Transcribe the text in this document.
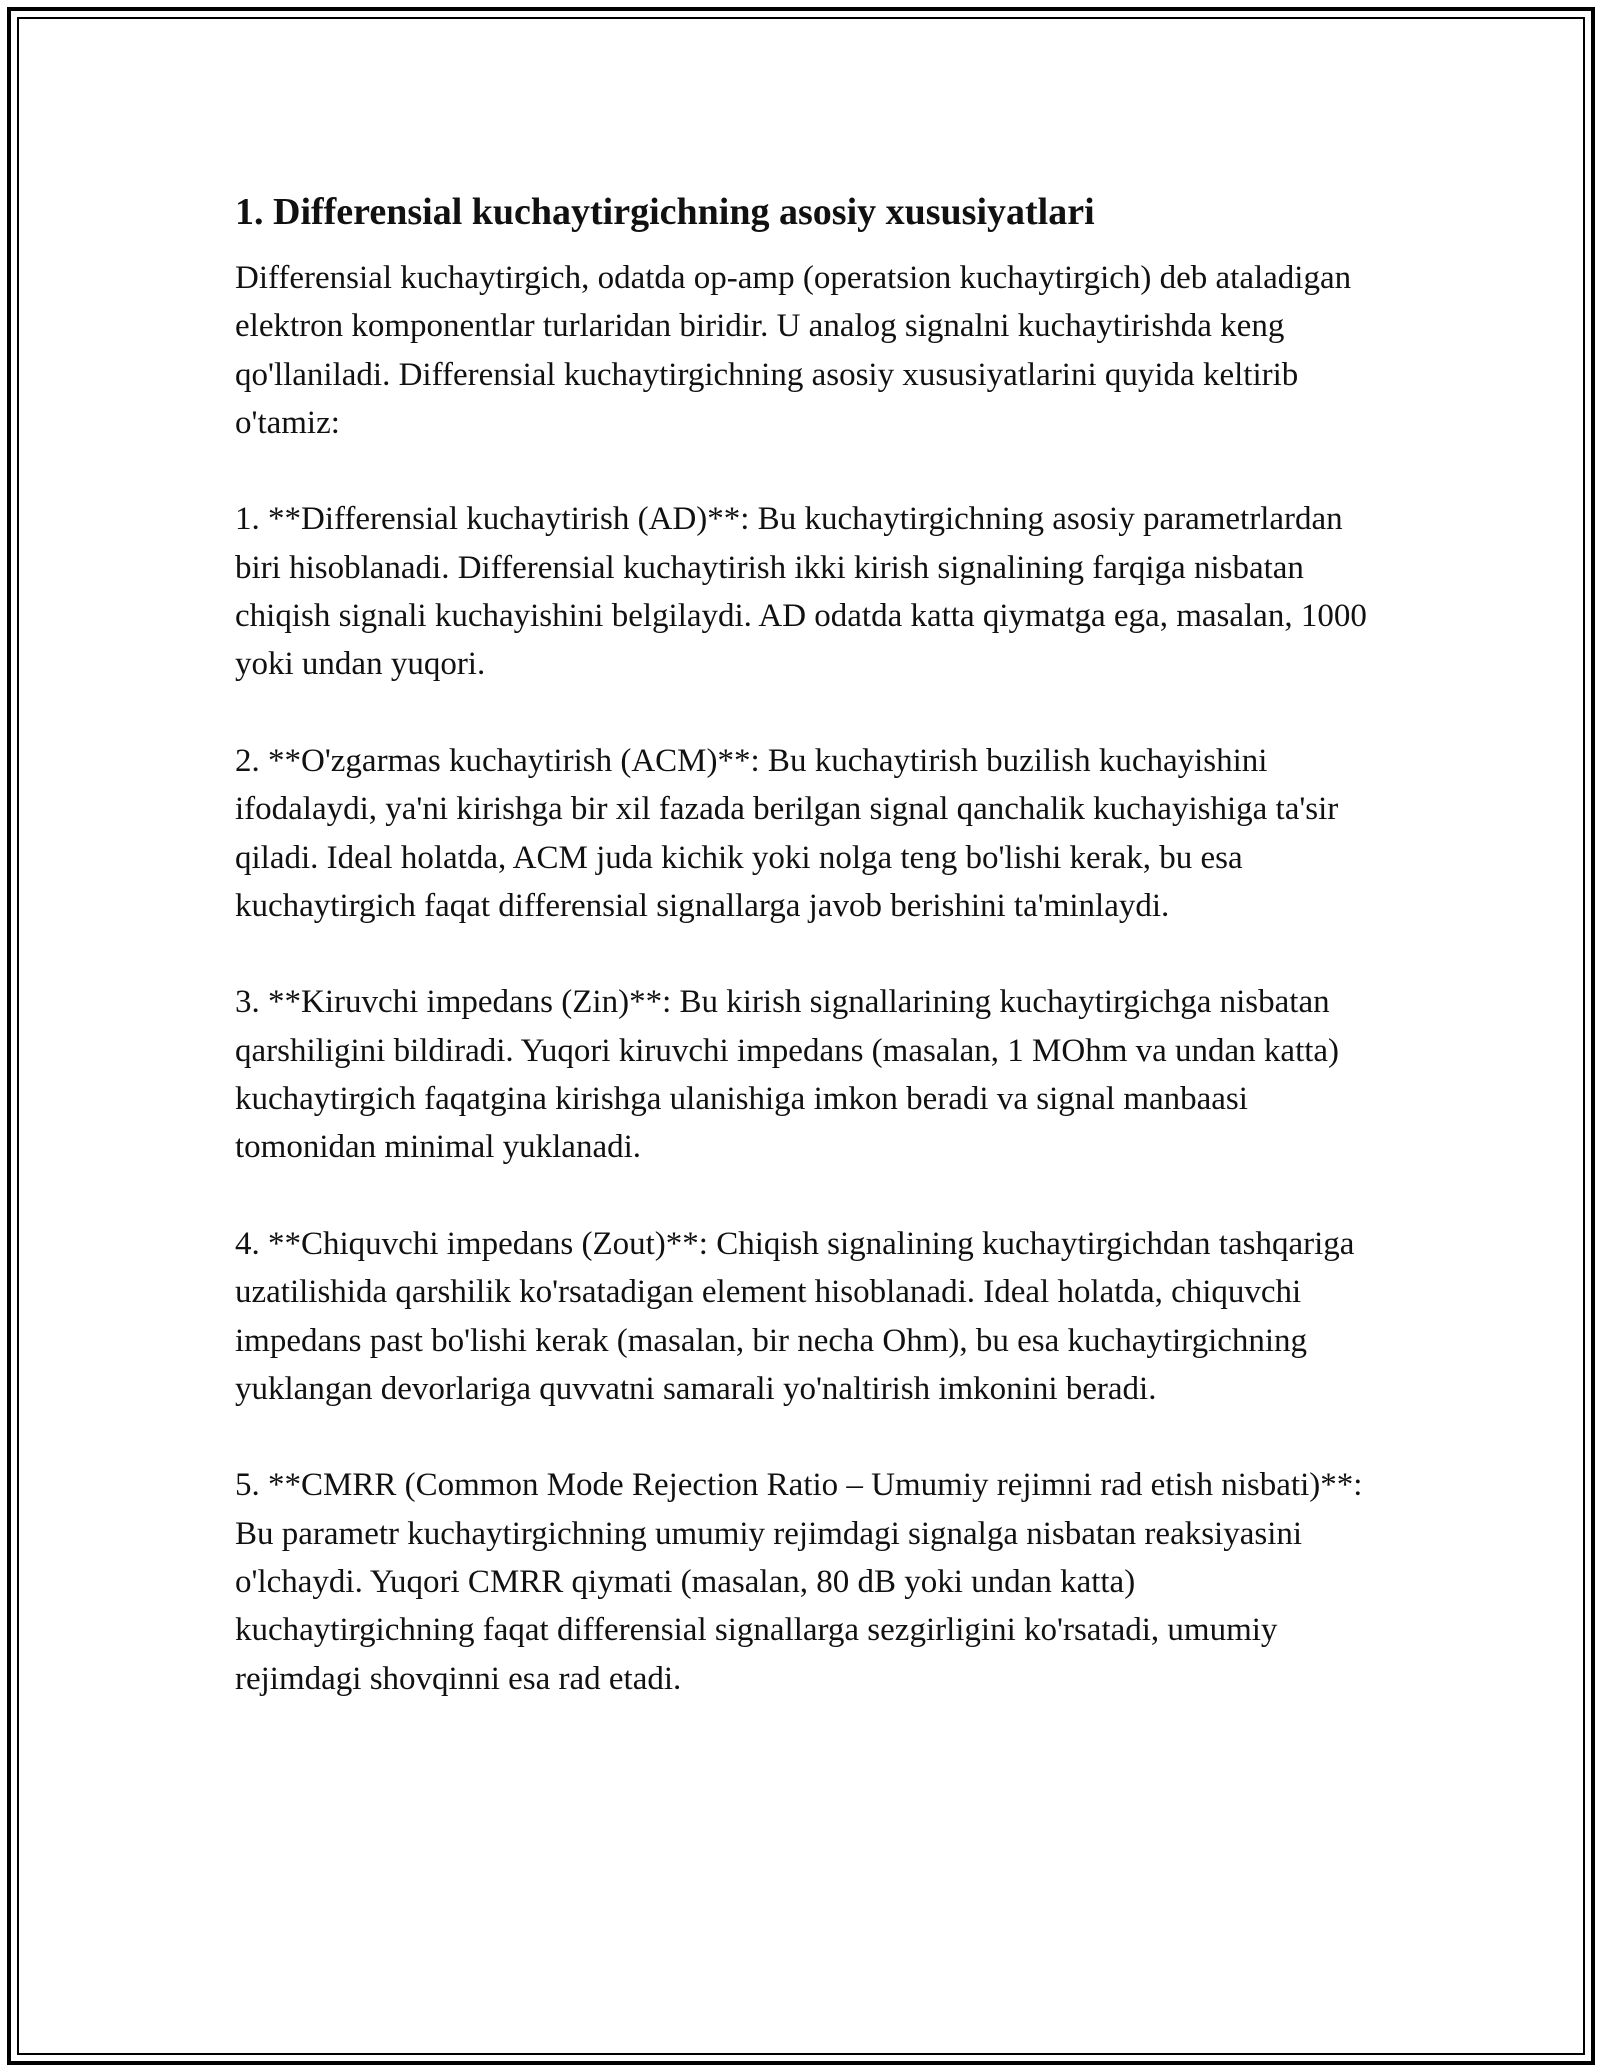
1. Differensial kuchaytirgichning asosiy xususiyatlari

Differensial kuchaytirgich, odatda op-amp (operatsion kuchaytirgich) deb ataladigan elektron komponentlar turlaridan biridir. U analog signalni kuchaytirishda keng qo'llaniladi. Differensial kuchaytirgichning asosiy xususiyatlarini quyida keltirib o'tamiz:

1. **Differensial kuchaytirish (AD)**: Bu kuchaytirgichning asosiy parametrlardan biri hisoblanadi. Differensial kuchaytirish ikki kirish signalining farqiga nisbatan chiqish signali kuchayishini belgilaydi. AD odatda katta qiymatga ega, masalan, 1000 yoki undan yuqori.

2. **O'zgarmas kuchaytirish (ACM)**: Bu kuchaytirish buzilish kuchayishini ifodalaydi, ya'ni kirishga bir xil fazada berilgan signal qanchalik kuchayishiga ta'sir qiladi. Ideal holatda, ACM juda kichik yoki nolga teng bo'lishi kerak, bu esa kuchaytirgich faqat differensial signallarga javob berishini ta'minlaydi.

3. **Kiruvchi impedans (Zin)**: Bu kirish signallarining kuchaytirgichga nisbatan qarshiligini bildiradi. Yuqori kiruvchi impedans (masalan, 1 MOhm va undan katta) kuchaytirgich faqatgina kirishga ulanishiga imkon beradi va signal manbaasi tomonidan minimal yuklanadi.

4. **Chiquvchi impedans (Zout)**: Chiqish signalining kuchaytirgichdan tashqariga uzatilishida qarshilik ko'rsatadigan element hisoblanadi. Ideal holatda, chiquvchi impedans past bo'lishi kerak (masalan, bir necha Ohm), bu esa kuchaytirgichning yuklangan devorlariga quvvatni samarali yo'naltirish imkonini beradi.

5. **CMRR (Common Mode Rejection Ratio – Umumiy rejimni rad etish nisbati)**: Bu parametr kuchaytirgichning umumiy rejimdagi signalga nisbatan reaksiyasini o'lchaydi. Yuqori CMRR qiymati (masalan, 80 dB yoki undan katta) kuchaytirgichning faqat differensial signallarga sezgirligini ko'rsatadi, umumiy rejimdagi shovqinni esa rad etadi.
